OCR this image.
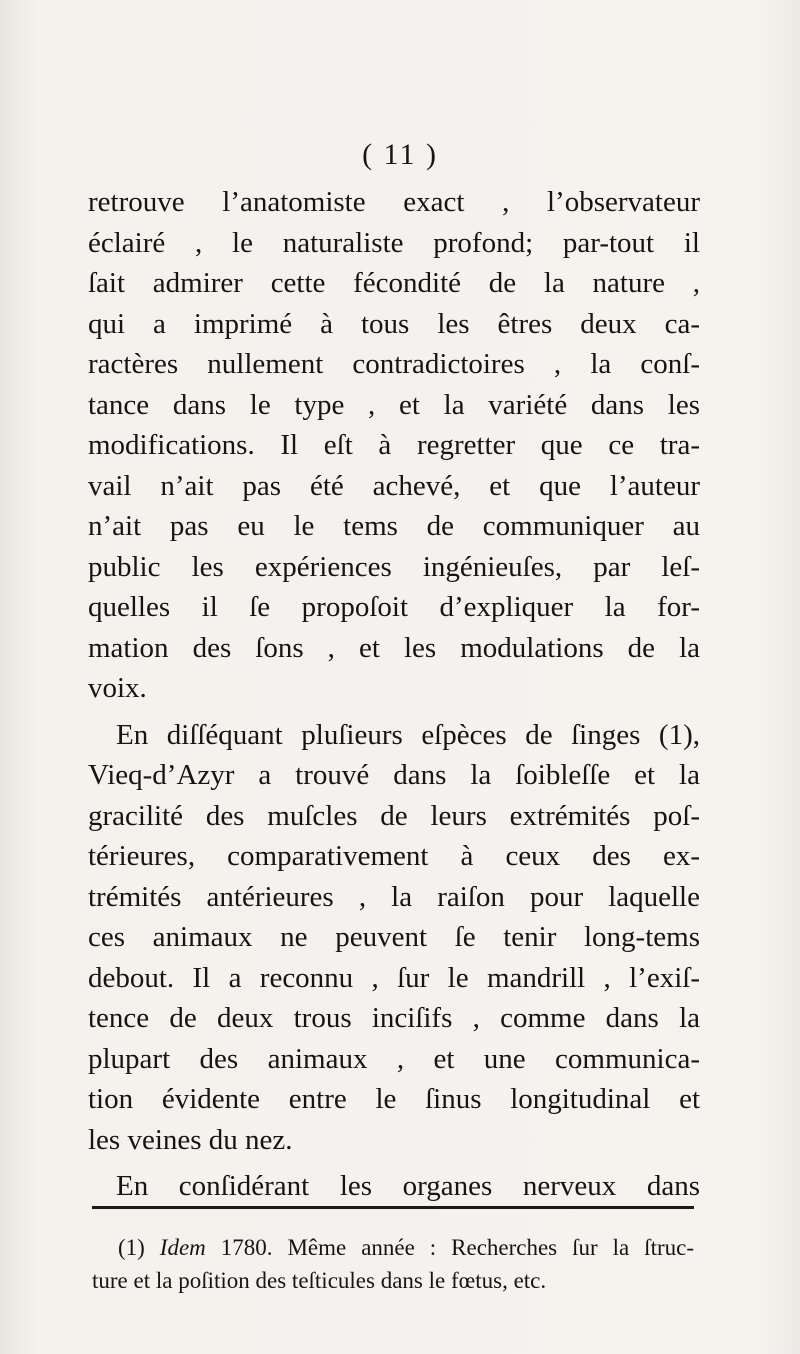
( 11 )
retrouve l’anatomiste exact , l’observateur
éclairé , le naturaliste profond; par-tout il
ſait admirer cette fécondité de la nature ,
qui a imprimé à tous les êtres deux ca-
ractères nullement contradictoires , la conſ-
tance dans le type , et la variété dans les
modifications. Il eſt à regretter que ce tra-
vail n’ait pas été achevé, et que l’auteur
n’ait pas eu le tems de communiquer au
public les expériences ingénieuſes, par leſ-
quelles il ſe propoſoit d’expliquer la for-
mation des ſons , et les modulations de la
voix.
En diſſéquant pluſieurs eſpèces de ſinges (1),
Vieq-d’Azyr a trouvé dans la ſoibleſſe et la
gracilité des muſcles de leurs extrémités poſ-
térieures, comparativement à ceux des ex-
trémités antérieures , la raiſon pour laquelle
ces animaux ne peuvent ſe tenir long-tems
debout. Il a reconnu , ſur le mandrill , l’exiſ-
tence de deux trous inciſifs , comme dans la
plupart des animaux , et une communica-
tion évidente entre le ſinus longitudinal et
les veines du nez.
En conſidérant les organes nerveux dans
(1) Idem 1780. Même année : Recherches ſur la ſtruc-
ture et la poſition des teſticules dans le fœtus, etc.
